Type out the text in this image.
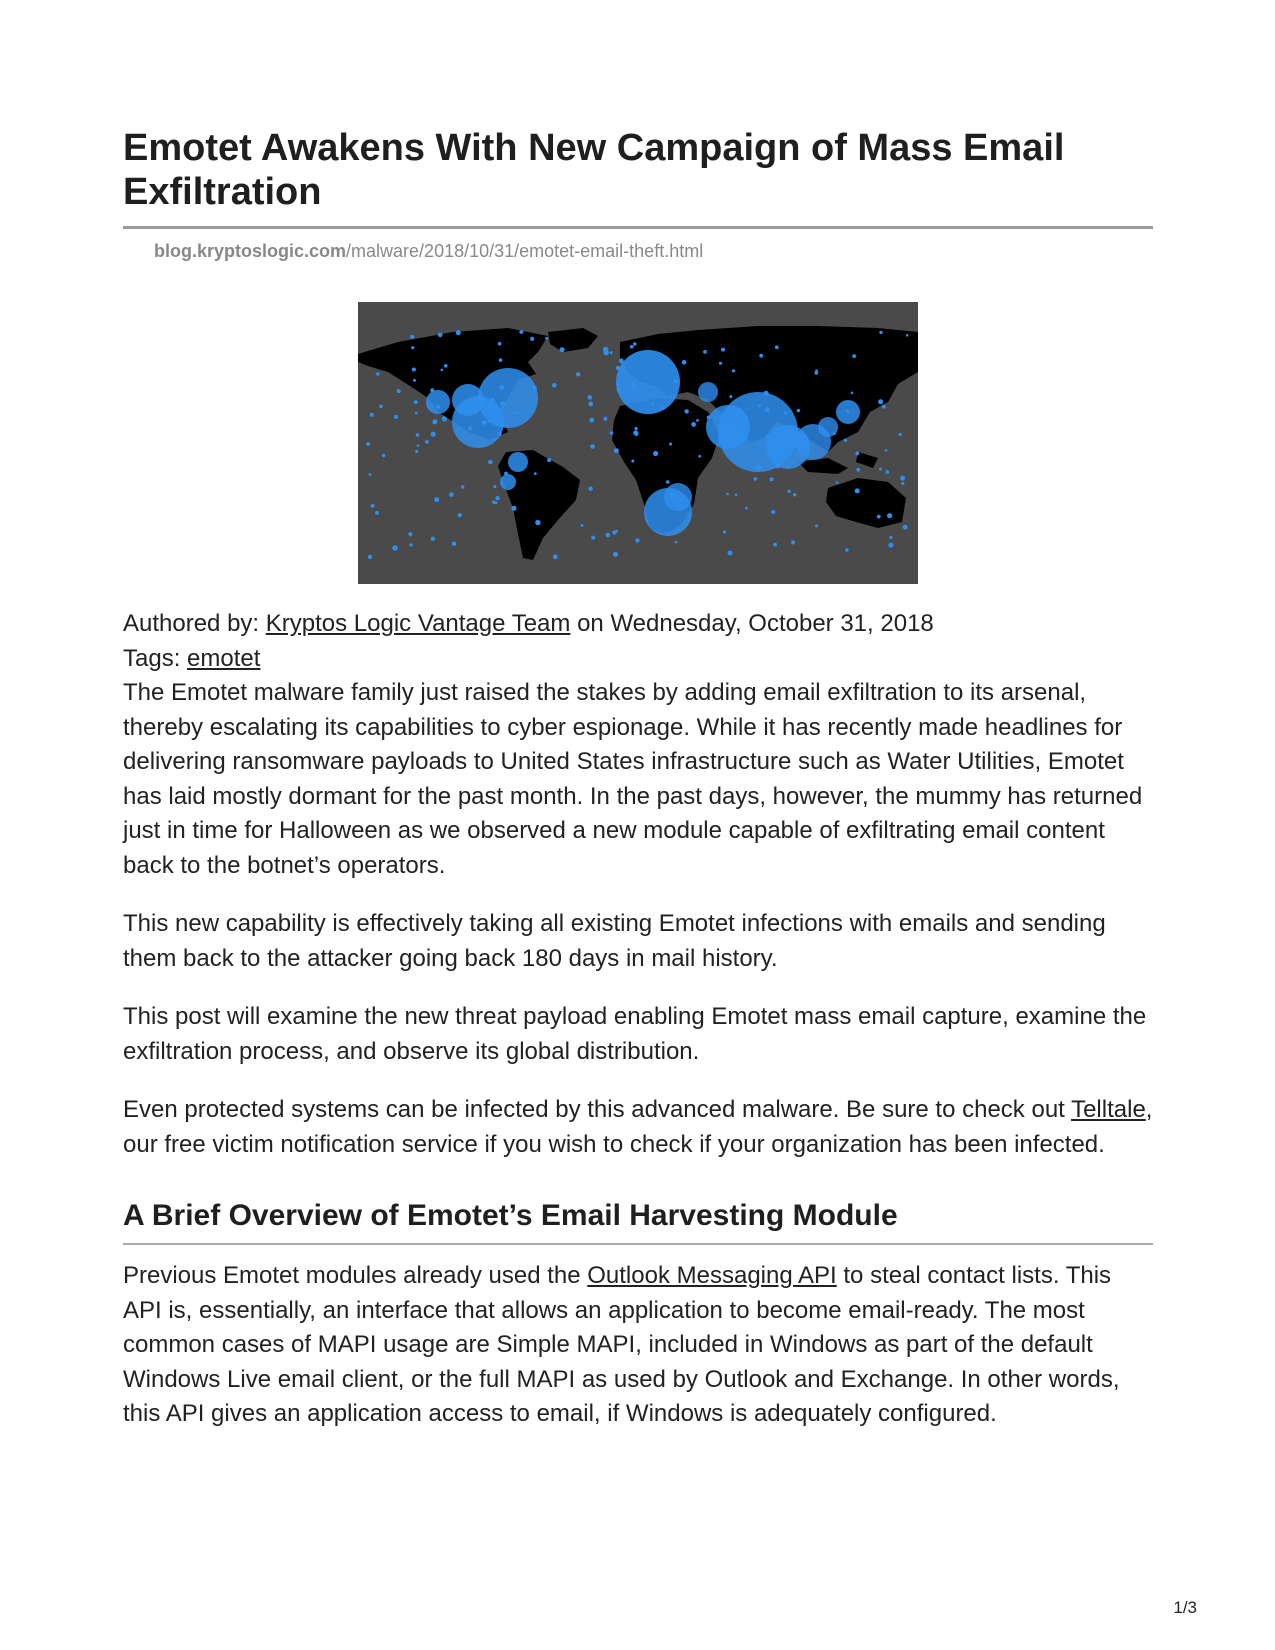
Emotet Awakens With New Campaign of Mass Email Exfiltration
blog.kryptoslogic.com/malware/2018/10/31/emotet-email-theft.html
Authored by: Kryptos Logic Vantage Team on Wednesday, October 31, 2018
Tags: emotet

The Emotet malware family just raised the stakes by adding email exfiltration to its arsenal, thereby escalating its capabilities to cyber espionage. While it has recently made headlines for delivering ransomware payloads to United States infrastructure such as Water Utilities, Emotet has laid mostly dormant for the past month. In the past days, however, the mummy has returned just in time for Halloween as we observed a new module capable of exfiltrating email content back to the botnet’s operators.

This new capability is effectively taking all existing Emotet infections with emails and sending them back to the attacker going back 180 days in mail history.

This post will examine the new threat payload enabling Emotet mass email capture, examine the exfiltration process, and observe its global distribution.

Even protected systems can be infected by this advanced malware. Be sure to check out Telltale, our free victim notification service if you wish to check if your organization has been infected.

A Brief Overview of Emotet’s Email Harvesting Module

Previous Emotet modules already used the Outlook Messaging API to steal contact lists. This API is, essentially, an interface that allows an application to become email-ready. The most common cases of MAPI usage are Simple MAPI, included in Windows as part of the default Windows Live email client, or the full MAPI as used by Outlook and Exchange. In other words, this API gives an application access to email, if Windows is adequately configured.

1/3
